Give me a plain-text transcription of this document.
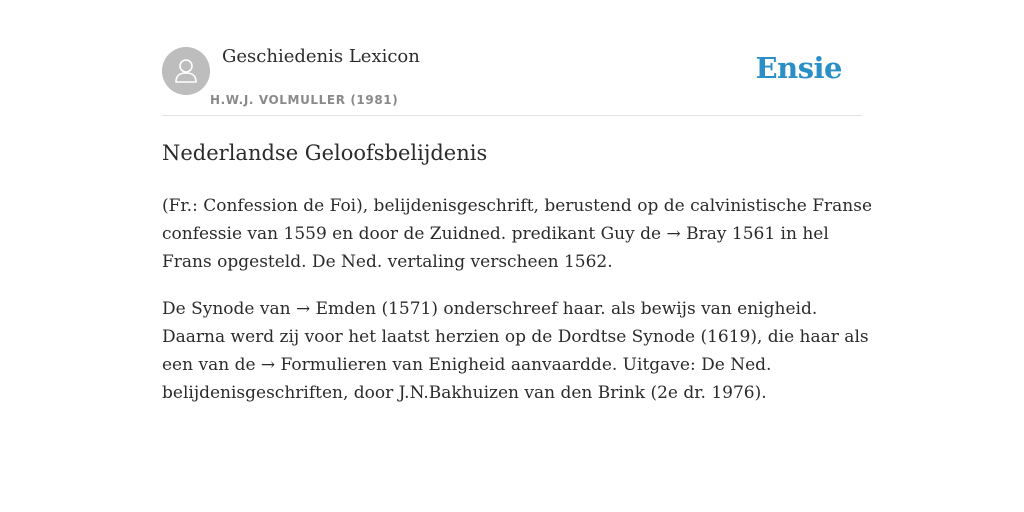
Geschiedenis Lexicon
H.W.J. VOLMULLER (1981)
Ensie
Nederlandse Geloofsbelijdenis

(Fr.: Confession de Foi), belijdenisgeschrift, berustend op de calvinistische Franse
confessie van 1559 en door de Zuidned. predikant Guy de → Bray 1561 in hel
Frans opgesteld. De Ned. vertaling verscheen 1562.

De Synode van → Emden (1571) onderschreef haar. als bewijs van enigheid.
Daarna werd zij voor het laatst herzien op de Dordtse Synode (1619), die haar als
een van de → Formulieren van Enigheid aanvaardde. Uitgave: De Ned.
belijdenisgeschriften, door J.N.Bakhuizen van den Brink (2e dr. 1976).
